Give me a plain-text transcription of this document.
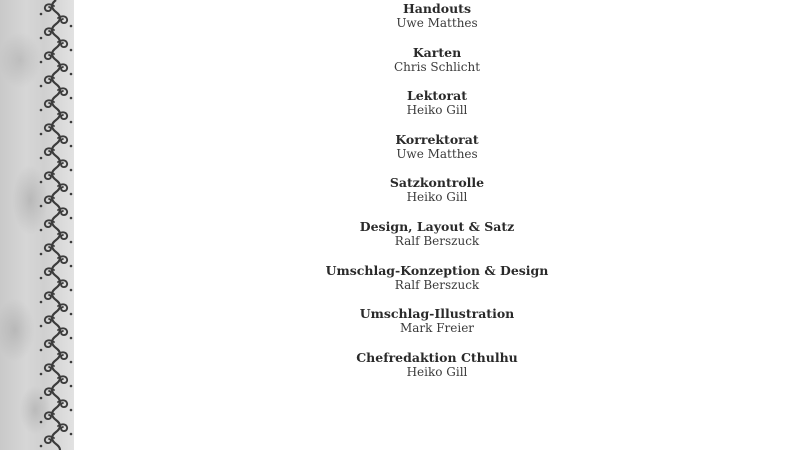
Handouts
Uwe Matthes
Karten
Chris Schlicht
Lektorat
Heiko Gill
Korrektorat
Uwe Matthes
Satzkontrolle
Heiko Gill
Design, Layout & Satz
Ralf Berszuck
Umschlag-Konzeption & Design
Ralf Berszuck
Umschlag-Illustration
Mark Freier
Chefredaktion Cthulhu
Heiko Gill
